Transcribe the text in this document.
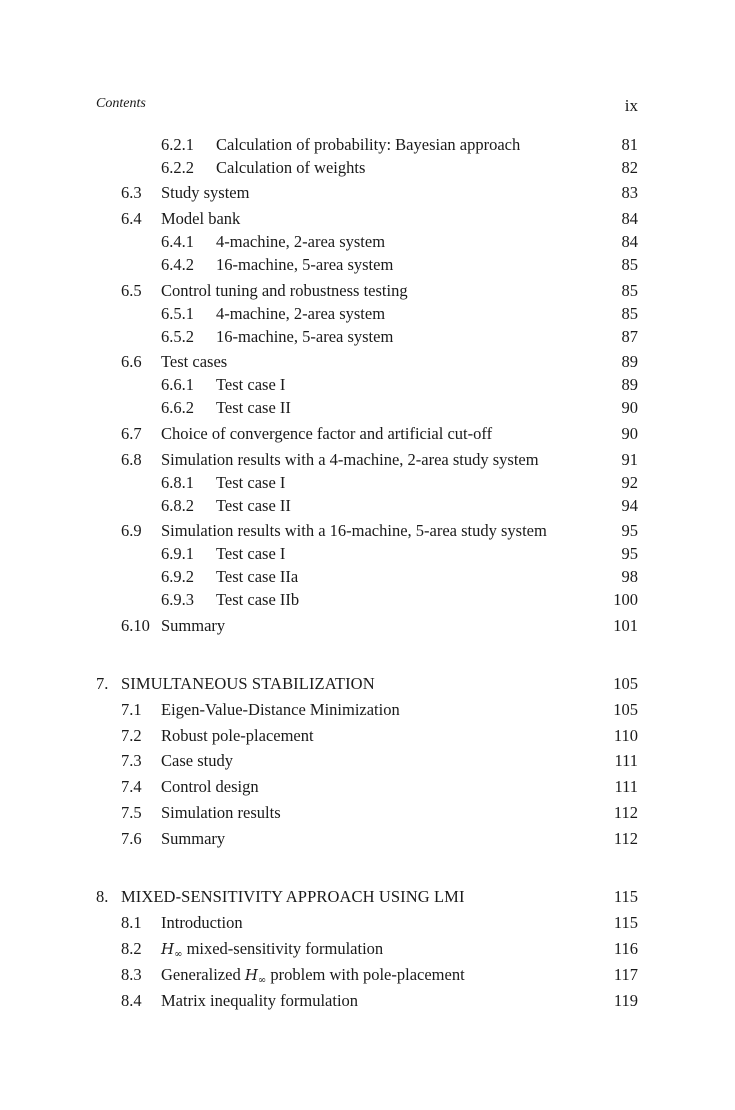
Contents	ix
6.2.1 Calculation of probability: Bayesian approach	81
6.2.2 Calculation of weights	82
6.3 Study system	83
6.4 Model bank	84
6.4.1 4-machine, 2-area system	84
6.4.2 16-machine, 5-area system	85
6.5 Control tuning and robustness testing	85
6.5.1 4-machine, 2-area system	85
6.5.2 16-machine, 5-area system	87
6.6 Test cases	89
6.6.1 Test case I	89
6.6.2 Test case II	90
6.7 Choice of convergence factor and artificial cut-off	90
6.8 Simulation results with a 4-machine, 2-area study system	91
6.8.1 Test case I	92
6.8.2 Test case II	94
6.9 Simulation results with a 16-machine, 5-area study system	95
6.9.1 Test case I	95
6.9.2 Test case IIa	98
6.9.3 Test case IIb	100
6.10 Summary	101
7. SIMULTANEOUS STABILIZATION	105
7.1 Eigen-Value-Distance Minimization	105
7.2 Robust pole-placement	110
7.3 Case study	111
7.4 Control design	111
7.5 Simulation results	112
7.6 Summary	112
8. MIXED-SENSITIVITY APPROACH USING LMI	115
8.1 Introduction	115
8.2 $H_\infty$ mixed-sensitivity formulation	116
8.3 Generalized $H_\infty$ problem with pole-placement	117
8.4 Matrix inequality formulation	119
